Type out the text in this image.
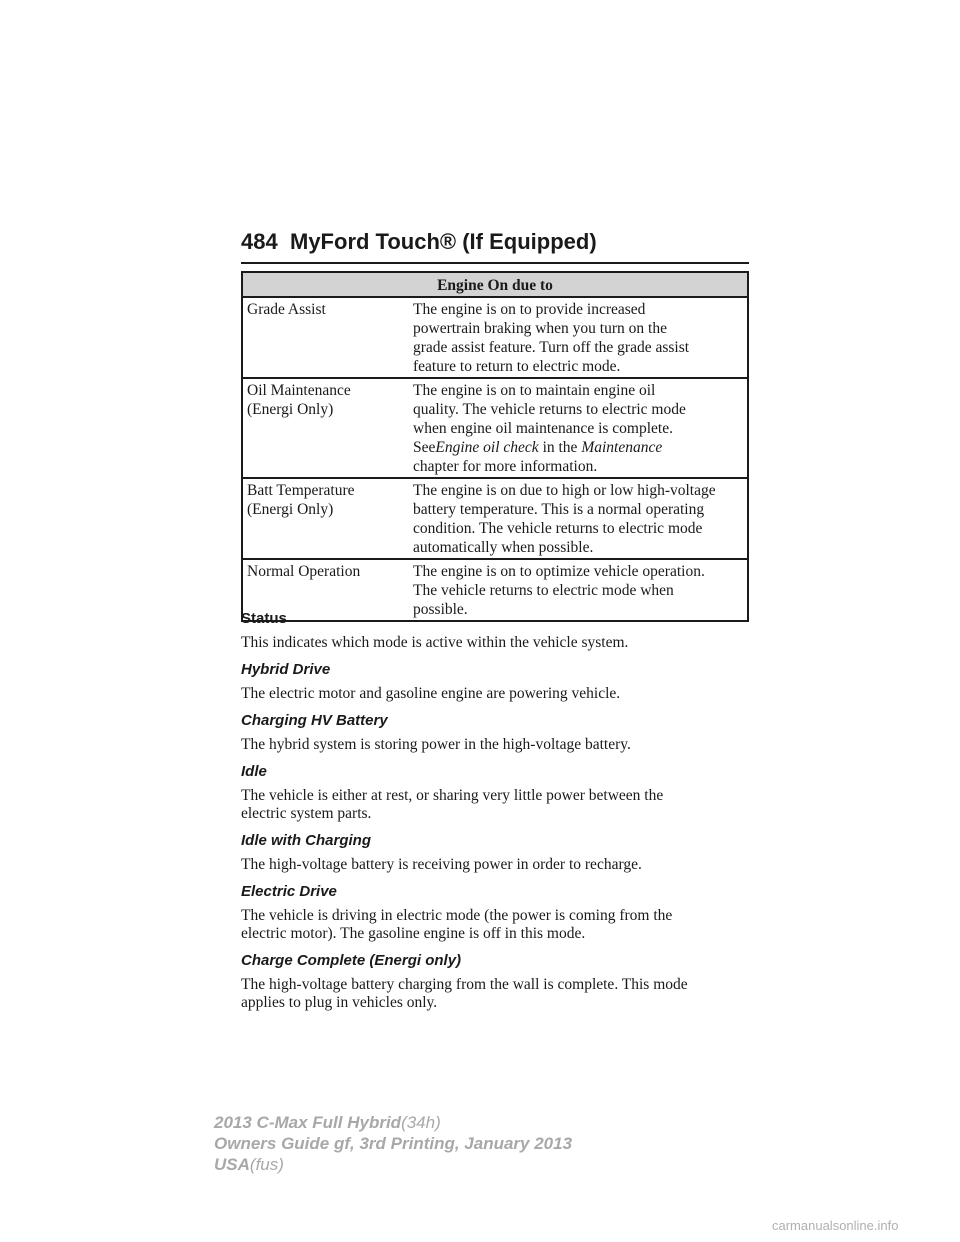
484 MyFord Touch® (If Equipped)
Engine On due to	

Grade Assist	The engine is on to provide increased
powertrain braking when you turn on the
grade assist feature. Turn off the grade assist
feature to return to electric mode.

Oil Maintenance
(Energi Only)	The engine is on to maintain engine oil
quality. The vehicle returns to electric mode
when engine oil maintenance is complete.
SeeEngine oil check in the Maintenance
chapter for more information.

Batt Temperature
(Energi Only)	The engine is on due to high or low high-voltage
battery temperature. This is a normal operating
condition. The vehicle returns to electric mode
automatically when possible.

Normal Operation	The engine is on to optimize vehicle operation.
The vehicle returns to electric mode when
possible.
Status

This indicates which mode is active within the vehicle system.

Hybrid Drive

The electric motor and gasoline engine are powering vehicle.

Charging HV Battery

The hybrid system is storing power in the high-voltage battery.

Idle

The vehicle is either at rest, or sharing very little power between the
electric system parts.

Idle with Charging

The high-voltage battery is receiving power in order to recharge.

Electric Drive

The vehicle is driving in electric mode (the power is coming from the
electric motor). The gasoline engine is off in this mode.

Charge Complete (Energi only)

The high-voltage battery charging from the wall is complete. This mode
applies to plug in vehicles only.

2013 C-Max Full Hybrid(34h)
Owners Guide gf, 3rd Printing, January 2013
USA(fus)
carmanualsonline.info
